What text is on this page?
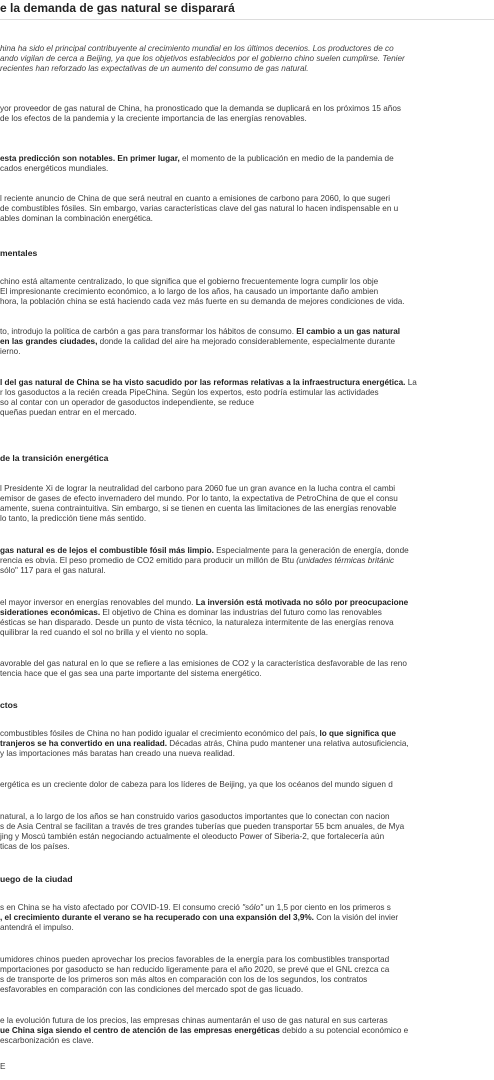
e la demanda de gas natural se disparará
hina ha sido el principal contribuyente al crecimiento mundial en los últimos decenios. Los productores de co
ando vigilan de cerca a Beijing, ya que los objetivos establecidos por el gobierno chino suelen cumplirse. Tenier
recientes han reforzado las expectativas de un aumento del consumo de gas natural.
yor proveedor de gas natural de China, ha pronosticado que la demanda se duplicará en los próximos 15 años
de los efectos de la pandemia y la creciente importancia de las energías renovables.
esta predicción son notables. En primer lugar, el momento de la publicación en medio de la pandemia de
cados energéticos mundiales.
l reciente anuncio de China de que será neutral en cuanto a emisiones de carbono para 2060, lo que sugeri
de combustibles fósiles. Sin embargo, varias características clave del gas natural lo hacen indispensable en u
ables dominan la combinación energética.
mentales
chino está altamente centralizado, lo que significa que el gobierno frecuentemente logra cumplir los obje
El impresionante crecimiento económico, a lo largo de los años, ha causado un importante daño ambien
hora, la población china se está haciendo cada vez más fuerte en su demanda de mejores condiciones de vida.
to, introdujo la política de carbón a gas para transformar los hábitos de consumo. El cambio a un gas natural
en las grandes ciudades, donde la calidad del aire ha mejorado considerablemente, especialmente durante
ierno.
l del gas natural de China se ha visto sacudido por las reformas relativas a la infraestructura energética. La
r los gasoductos a la recién creada PipeChina. Según los expertos, esto podría estimular las actividades
so al contar con un operador de gasoductos independiente, se reduce
queñas puedan entrar en el mercado.
de la transición energética
l Presidente Xi de lograr la neutralidad del carbono para 2060 fue un gran avance en la lucha contra el cambi
emisor de gases de efecto invernadero del mundo. Por lo tanto, la expectativa de PetroChina de que el consu
amente, suena contraintuitiva. Sin embargo, si se tienen en cuenta las limitaciones de las energías renovable
lo tanto, la predicción tiene más sentido.
gas natural es de lejos el combustible fósil más limpio. Especialmente para la generación de energía, donde
rencia es obvia. El peso promedio de CO2 emitido para producir un millón de Btu (unidades térmicas británic
sólo" 117 para el gas natural.
el mayor inversor en energías renovables del mundo. La inversión está motivada no sólo por preocupacione
siderationes económicas. El objetivo de China es dominar las industrias del futuro como las renovables
ésticas se han disparado. Desde un punto de vista técnico, la naturaleza intermitente de las energías renova
quilibrar la red cuando el sol no brilla y el viento no sopla.
avorable del gas natural en lo que se refiere a las emisiones de CO2 y la característica desfavorable de las reno
tencia hace que el gas sea una parte importante del sistema energético.
ctos
combustibles fósiles de China no han podido igualar el crecimiento económico del país, lo que significa que
tranjeros se ha convertido en una realidad. Décadas atrás, China pudo mantener una relativa autosuficiencia,
y las importaciones más baratas han creado una nueva realidad.
ergética es un creciente dolor de cabeza para los líderes de Beijing, ya que los océanos del mundo siguen d
natural, a lo largo de los años se han construido varios gasoductos importantes que lo conectan con nacion
s de Asia Central se facilitan a través de tres grandes tuberías que pueden transportar 55 bcm anuales, de Mya
jing y Moscú también están negociando actualmente el oleoducto Power of Siberia-2, que fortalecería aún
ticas de los países.
uego de la ciudad
s en China se ha visto afectado por COVID-19. El consumo creció "sólo" un 1,5 por ciento en los primeros s
, el crecimiento durante el verano se ha recuperado con una expansión del 3,9%. Con la visión del invier
antendrá el impulso.
umidores chinos pueden aprovechar los precios favorables de la energía para los combustibles transportad
mportaciones por gasoducto se han reducido ligeramente para el año 2020, se prevé que el GNL crezca ca
s de transporte de los primeros son más altos en comparación con los de los segundos, los contratos
esfavorables en comparación con las condiciones del mercado spot de gas licuado.
e la evolución futura de los precios, las empresas chinas aumentarán el uso de gas natural en sus carteras
ue China siga siendo el centro de atención de las empresas energéticas debido a su potencial económico e
escarbonización es clave.
E
